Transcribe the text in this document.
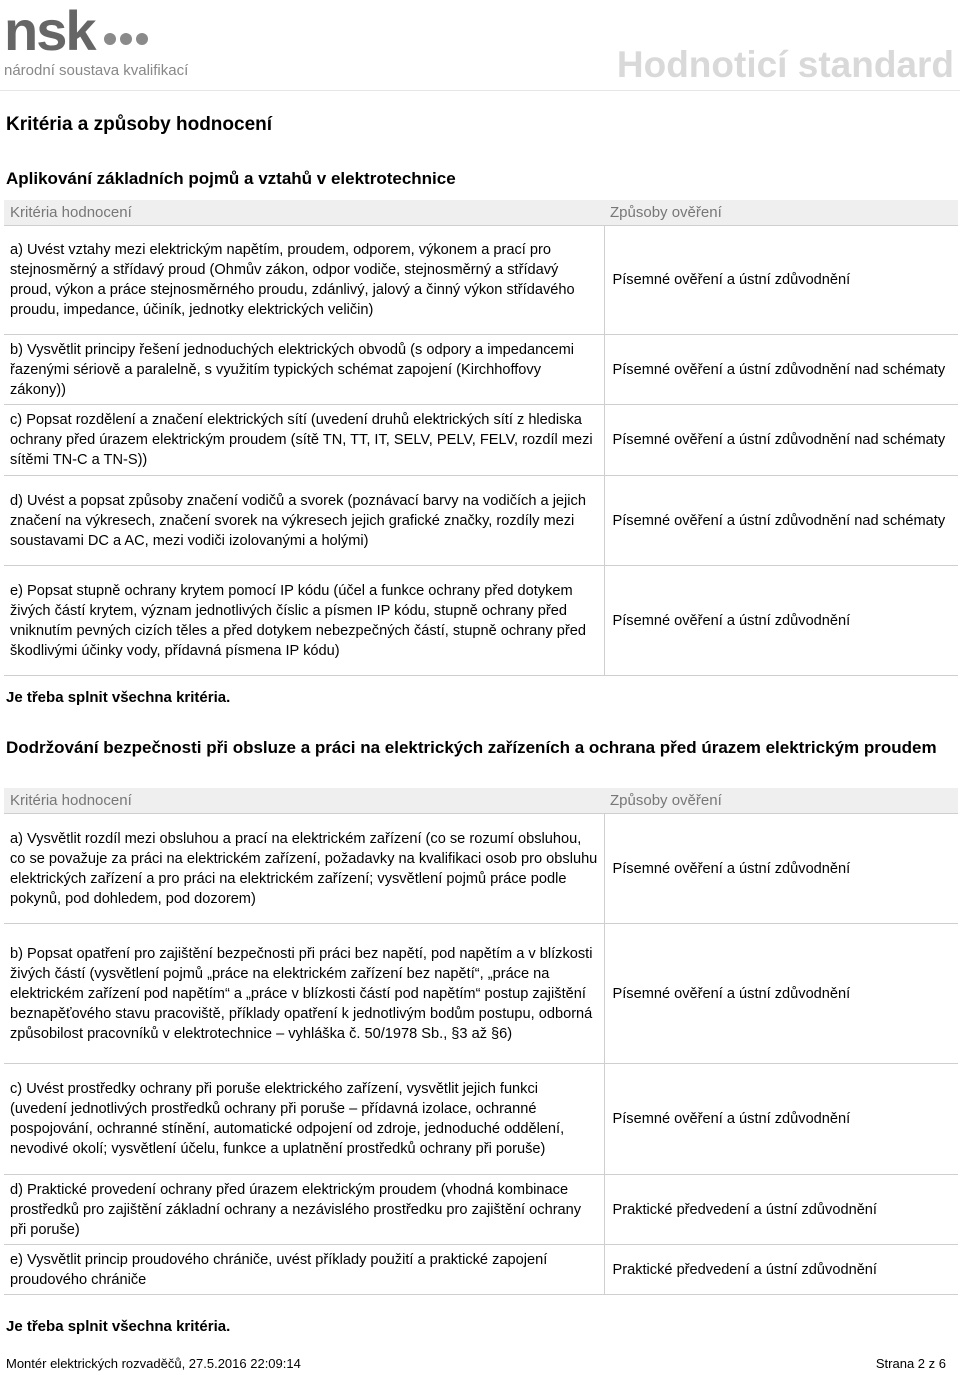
nsk
národní soustava kvalifikací	Hodnoticí standard
Kritéria a způsoby hodnocení
Aplikování základních pojmů a vztahů v elektrotechnice
Kritéria hodnocení	Způsoby ověření
a) Uvést vztahy mezi elektrickým napětím, proudem, odporem, výkonem a prací pro stejnosměrný a střídavý proud (Ohmův zákon, odpor vodiče, stejnosměrný a střídavý proud, výkon a práce stejnosměrného proudu, zdánlivý, jalový a činný výkon střídavého proudu, impedance, účiník, jednotky elektrických veličin)	Písemné ověření a ústní zdůvodnění
b) Vysvětlit principy řešení jednoduchých elektrických obvodů (s odpory a impedancemi řazenými sériově a paralelně, s využitím typických schémat zapojení (Kirchhoffovy zákony))	Písemné ověření a ústní zdůvodnění nad schématy
c) Popsat rozdělení a značení elektrických sítí (uvedení druhů elektrických sítí z hlediska ochrany před úrazem elektrickým proudem (sítě TN, TT, IT, SELV, PELV, FELV, rozdíl mezi sítěmi TN-C a TN-S))	Písemné ověření a ústní zdůvodnění nad schématy
d) Uvést a popsat způsoby značení vodičů a svorek (poznávací barvy na vodičích a jejich značení na výkresech, značení svorek na výkresech jejich grafické značky, rozdíly mezi soustavami DC a AC, mezi vodiči izolovanými a holými)	Písemné ověření a ústní zdůvodnění nad schématy
e) Popsat stupně ochrany krytem pomocí IP kódu (účel a funkce ochrany před dotykem živých částí krytem, význam jednotlivých číslic a písmen IP kódu, stupně ochrany před vniknutím pevných cizích těles a před dotykem nebezpečných částí, stupně ochrany před škodlivými účinky vody, přídavná písmena IP kódu)	Písemné ověření a ústní zdůvodnění
Je třeba splnit všechna kritéria.
Dodržování bezpečnosti při obsluze a práci na elektrických zařízeních a ochrana před úrazem elektrickým proudem
Kritéria hodnocení	Způsoby ověření
a) Vysvětlit rozdíl mezi obsluhou a prací na elektrickém zařízení (co se rozumí obsluhou, co se považuje za práci na elektrickém zařízení, požadavky na kvalifikaci osob pro obsluhu elektrických zařízení a pro práci na elektrickém zařízení; vysvětlení pojmů práce podle pokynů, pod dohledem, pod dozorem)	Písemné ověření a ústní zdůvodnění
b) Popsat opatření pro zajištění bezpečnosti při práci bez napětí, pod napětím a v blízkosti živých částí (vysvětlení pojmů „práce na elektrickém zařízení bez napětí“, „práce na elektrickém zařízení pod napětím“ a „práce v blízkosti částí pod napětím“ postup zajištění beznapěťového stavu pracoviště, příklady opatření k jednotlivým bodům postupu, odborná způsobilost pracovníků v elektrotechnice – vyhláška č. 50/1978 Sb., §3 až §6)	Písemné ověření a ústní zdůvodnění
c) Uvést prostředky ochrany při poruše elektrického zařízení, vysvětlit jejich funkci (uvedení jednotlivých prostředků ochrany při poruše – přídavná izolace, ochranné pospojování, ochranné stínění, automatické odpojení od zdroje, jednoduché oddělení, nevodivé okolí; vysvětlení účelu, funkce a uplatnění prostředků ochrany při poruše)	Písemné ověření a ústní zdůvodnění
d) Praktické provedení ochrany před úrazem elektrickým proudem (vhodná kombinace prostředků pro zajištění základní ochrany a nezávislého prostředku pro zajištění ochrany při poruše)	Praktické předvedení a ústní zdůvodnění
e) Vysvětlit princip proudového chrániče, uvést příklady použití a praktické zapojení proudového chrániče	Praktické předvedení a ústní zdůvodnění
Je třeba splnit všechna kritéria.
Montér elektrických rozvaděčů, 27.5.2016 22:09:14	Strana 2 z 6
